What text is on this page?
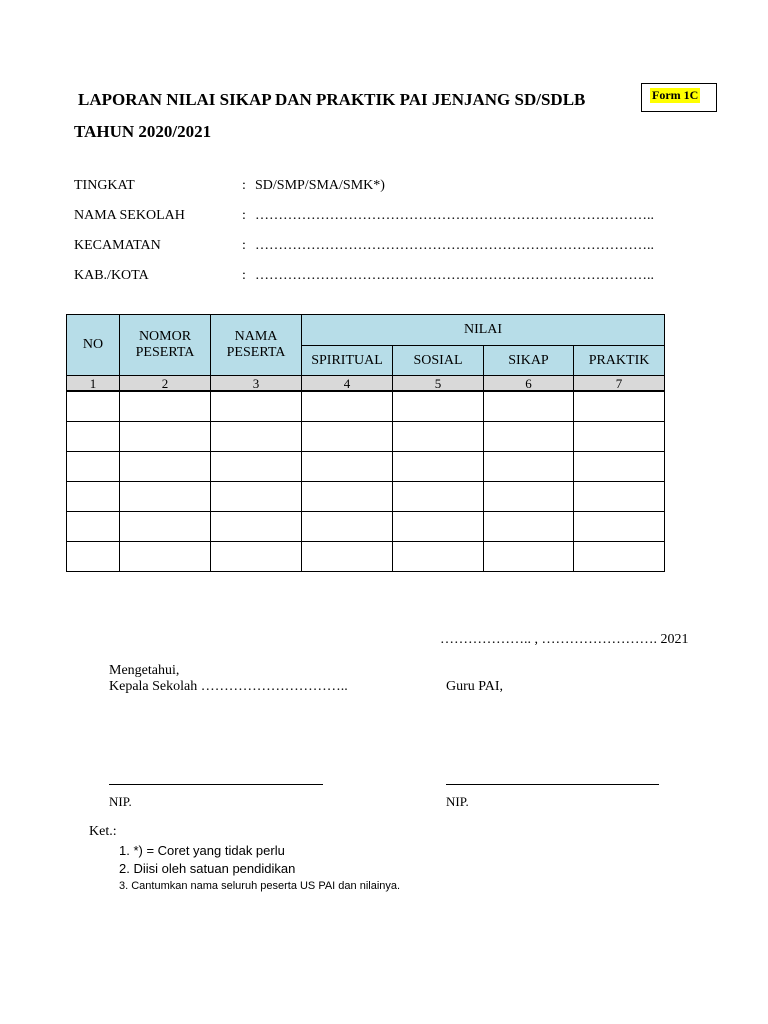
LAPORAN NILAI SIKAP DAN PRAKTIK PAI JENJANG SD/SDLB
TAHUN 2020/2021
Form 1C
TINGKAT	: SD/SMP/SMA/SMK*)
NAMA SEKOLAH	: …………………………………………………………………………..
KECAMATAN	: …………………………………………………………………………..
KAB./KOTA	: …………………………………………………………………………..
NO	NOMOR PESERTA	NAMA PESERTA	NILAI			
			SPIRITUAL	SOSIAL	SIKAP	PRAKTIK
1	2	3	4	5	6	7

……………….. , ……………………. 2021
Mengetahui,
Kepala Sekolah …………………………..	Guru PAI,
NIP.	NIP.
Ket.:
1. *) = Coret yang tidak perlu
2. Diisi oleh satuan pendidikan
3. Cantumkan nama seluruh peserta US PAI dan nilainya.
